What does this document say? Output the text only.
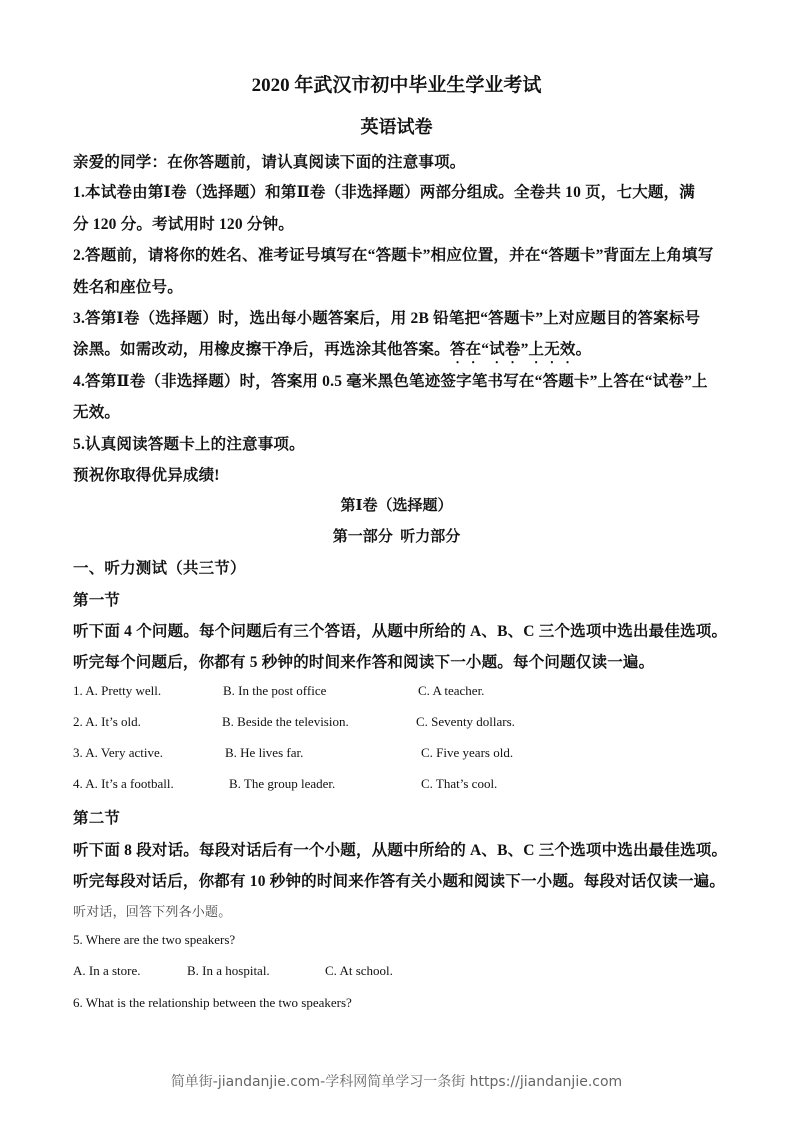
2020 年武汉市初中毕业生学业考试
英语试卷
亲爱的同学：在你答题前，请认真阅读下面的注意事项。
1.本试卷由第Ⅰ卷（选择题）和第Ⅱ卷（非选择题）两部分组成。全卷共 10 页，七大题，满
分 120 分。考试用时 120 分钟。
2.答题前，请将你的姓名、准考证号填写在“答题卡”相应位置，并在“答题卡”背面左上角填写
姓名和座位号。
3.答第Ⅰ卷（选择题）时，选出每小题答案后，用 2B 铅笔把“答题卡”上对应题目的答案标号
涂黑。如需改动，用橡皮擦干净后，再选涂其他答案。答在“试卷”上无效。
4.答第Ⅱ卷（非选择题）时，答案用 0.5 毫米黑色笔迹签字笔书写在“答题卡”上答在“试卷”上
无效。
5.认真阅读答题卡上的注意事项。
预祝你取得优异成绩!
第Ⅰ卷（选择题）
第一部分  听力部分
一、听力测试（共三节）
第一节
听下面 4 个问题。每个问题后有三个答语，从题中所给的 A、B、C 三个选项中选出最佳选项。
听完每个问题后，你都有 5 秒钟的时间来作答和阅读下一小题。每个问题仅读一遍。
1. A. Pretty well.	B. In the post office	C. A teacher.
2. A. It’s old.	B. Beside the television.	C. Seventy dollars.
3. A. Very active.	B. He lives far.	C. Five years old.
4. A. It’s a football.	B. The group leader.	C. That’s cool.
第二节
听下面 8 段对话。每段对话后有一个小题，从题中所给的 A、B、C 三个选项中选出最佳选项。
听完每段对话后，你都有 10 秒钟的时间来作答有关小题和阅读下一小题。每段对话仅读一遍。
听对话，回答下列各小题。
5. Where are the two speakers?
A. In a store.	B. In a hospital.	C. At school.
6. What is the relationship between the two speakers?
简单街-jiandanjie.com-学科网简单学习一条街 https://jiandanjie.com
